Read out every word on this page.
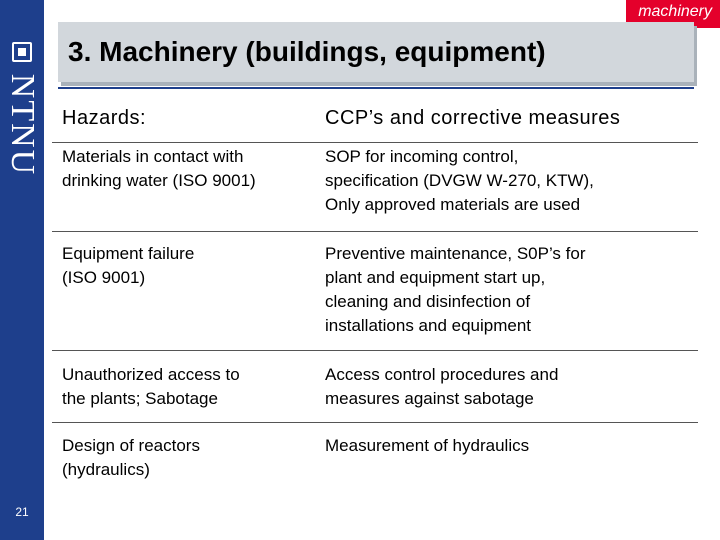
NTNU
21
machinery
3. Machinery (buildings, equipment)
Hazards:	CCP’s and corrective measures

Materials in contact with
drinking water (ISO 9001)	SOP for incoming control,
specification (DVGW W-270, KTW),
Only approved materials are used

Equipment failure
(ISO 9001)	Preventive maintenance, S0P’s for
plant and equipment start up,
cleaning and disinfection of
installations and equipment

Unauthorized access to
the plants; Sabotage	Access control procedures and
measures against sabotage

Design of reactors
(hydraulics)	Measurement of hydraulics
